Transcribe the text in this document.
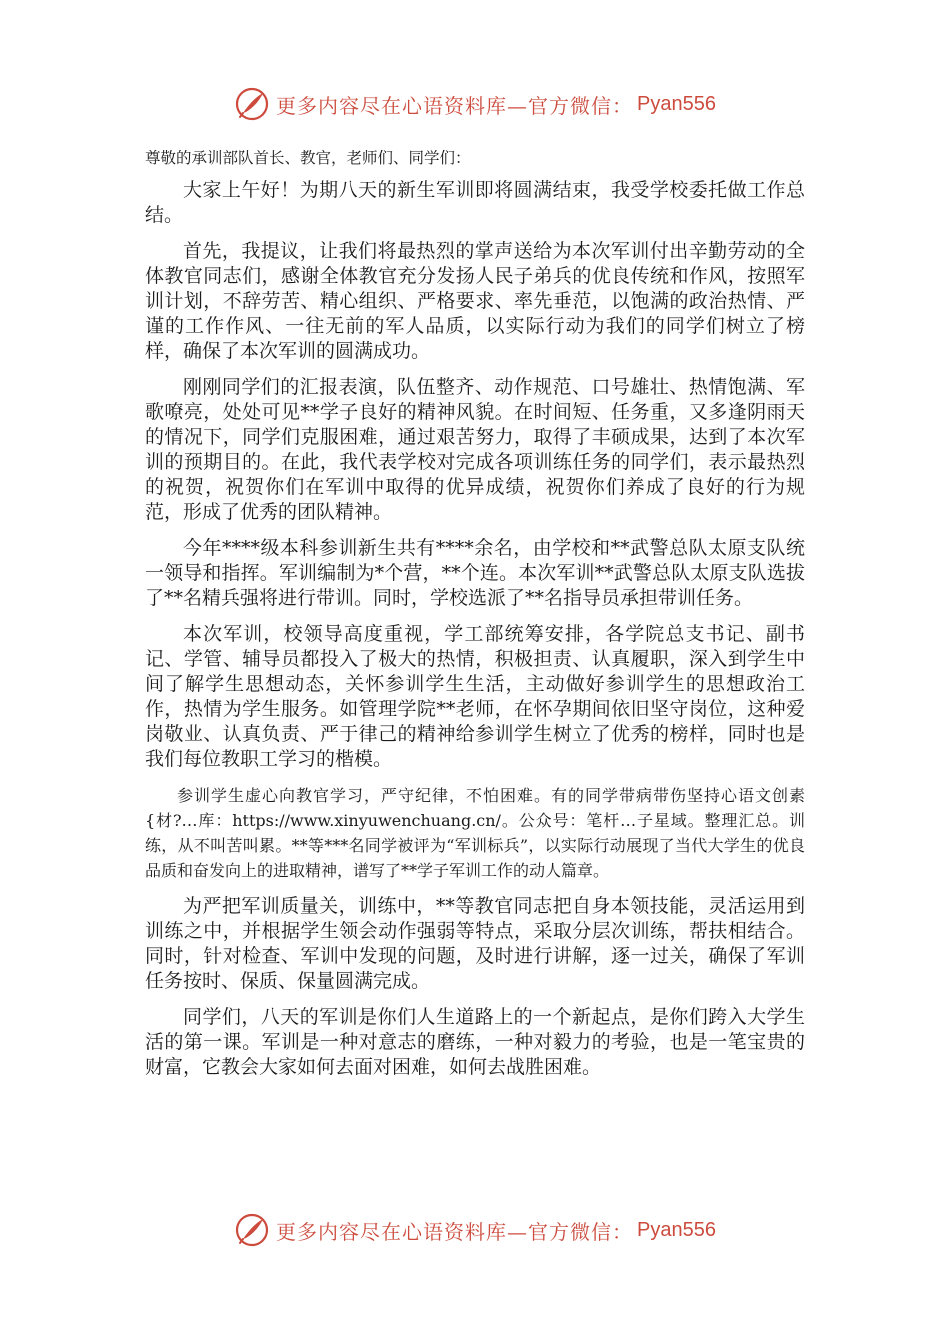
更多内容尽在心语资料库—官方微信： Pyan556

尊敬的承训部队首长、教官，老师们、同学们：

大家上午好！为期八天的新生军训即将圆满结束，我受学校委托做工作总结。

首先，我提议，让我们将最热烈的掌声送给为本次军训付出辛勤劳动的全体教官同志们，感谢全体教官充分发扬人民子弟兵的优良传统和作风，按照军训计划，不辞劳苦、精心组织、严格要求、率先垂范，以饱满的政治热情、严谨的工作作风、一往无前的军人品质，以实际行动为我们的同学们树立了榜样，确保了本次军训的圆满成功。

刚刚同学们的汇报表演，队伍整齐、动作规范、口号雄壮、热情饱满、军歌嘹亮，处处可见**学子良好的精神风貌。在时间短、任务重，又多逢阴雨天的情况下，同学们克服困难，通过艰苦努力，取得了丰硕成果，达到了本次军训的预期目的。在此，我代表学校对完成各项训练任务的同学们，表示最热烈的祝贺，祝贺你们在军训中取得的优异成绩，祝贺你们养成了良好的行为规范，形成了优秀的团队精神。

今年****级本科参训新生共有****余名，由学校和**武警总队太原支队统一领导和指挥。军训编制为*个营，**个连。本次军训**武警总队太原支队选拔了**名精兵强将进行带训。同时，学校选派了**名指导员承担带训任务。

本次军训，校领导高度重视，学工部统筹安排，各学院总支书记、副书记、学管、辅导员都投入了极大的热情，积极担责、认真履职，深入到学生中间了解学生思想动态，关怀参训学生生活，主动做好参训学生的思想政治工作，热情为学生服务。如管理学院**老师，在怀孕期间依旧坚守岗位，这种爱岗敬业、认真负责、严于律己的精神给参训学生树立了优秀的榜样，同时也是我们每位教职工学习的楷模。

参训学生虚心向教官学习，严守纪律，不怕困难。有的同学带病带伤坚持心语文创素{材?…库：https://www.xinyuwenchuang.cn/。公众号：笔杆…子星域。整理汇总。训练，从不叫苦叫累。**等***名同学被评为“军训标兵”，以实际行动展现了当代大学生的优良品质和奋发向上的进取精神，谱写了**学子军训工作的动人篇章。

为严把军训质量关，训练中，**等教官同志把自身本领技能，灵活运用到训练之中，并根据学生领会动作强弱等特点，采取分层次训练，帮扶相结合。同时，针对检查、军训中发现的问题，及时进行讲解，逐一过关，确保了军训任务按时、保质、保量圆满完成。

同学们，八天的军训是你们人生道路上的一个新起点，是你们跨入大学生活的第一课。军训是一种对意志的磨练，一种对毅力的考验，也是一笔宝贵的财富，它教会大家如何去面对困难，如何去战胜困难。

更多内容尽在心语资料库—官方微信： Pyan556
